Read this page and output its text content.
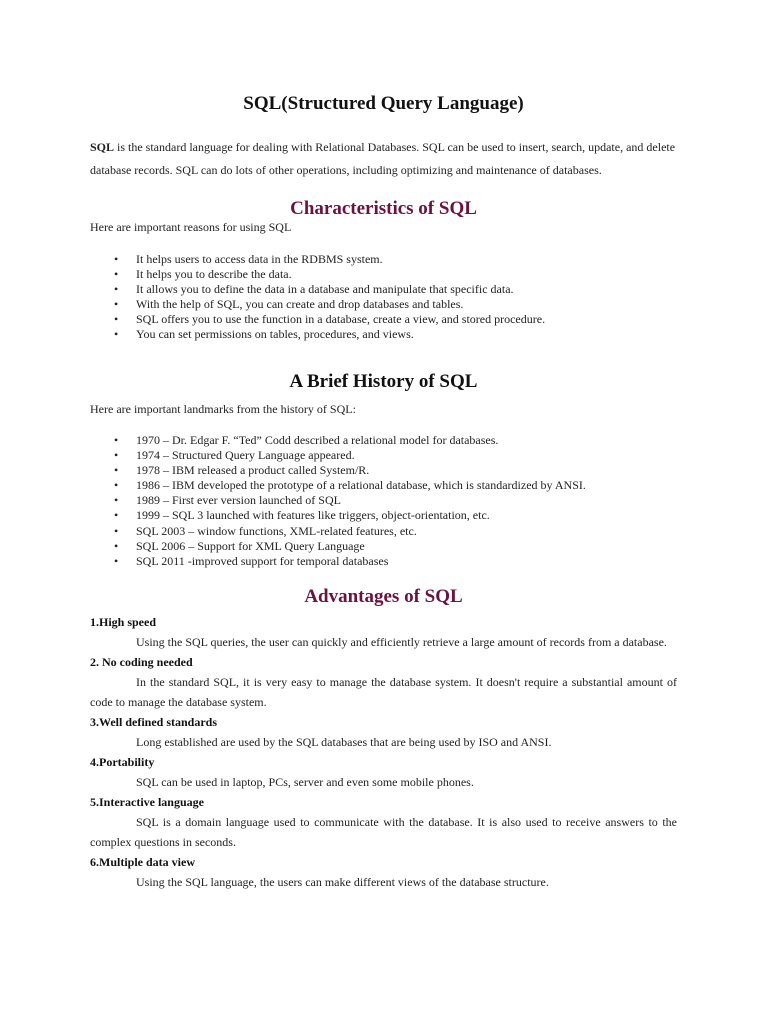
SQL(Structured Query Language)

SQL is the standard language for dealing with Relational Databases. SQL can be used to insert, search, update, and delete database records. SQL can do lots of other operations, including optimizing and maintenance of databases.

Characteristics of SQL

Here are important reasons for using SQL

• It helps users to access data in the RDBMS system.
• It helps you to describe the data.
• It allows you to define the data in a database and manipulate that specific data.
• With the help of SQL, you can create and drop databases and tables.
• SQL offers you to use the function in a database, create a view, and stored procedure.
• You can set permissions on tables, procedures, and views.
A Brief History of SQL

Here are important landmarks from the history of SQL:

• 1970 – Dr. Edgar F. “Ted” Codd described a relational model for databases.
• 1974 – Structured Query Language appeared.
• 1978 – IBM released a product called System/R.
• 1986 – IBM developed the prototype of a relational database, which is standardized by ANSI.
• 1989 – First ever version launched of SQL
• 1999 – SQL 3 launched with features like triggers, object-orientation, etc.
• SQL 2003 – window functions, XML-related features, etc.
• SQL 2006 – Support for XML Query Language
• SQL 2011 -improved support for temporal databases
Advantages of SQL

1.High speed

Using the SQL queries, the user can quickly and efficiently retrieve a large amount of records from a database.

2. No coding needed

In the standard SQL, it is very easy to manage the database system. It doesn't require a substantial amount of code to manage the database system.

3.Well defined standards

Long established are used by the SQL databases that are being used by ISO and ANSI.

4.Portability

SQL can be used in laptop, PCs, server and even some mobile phones.

5.Interactive language

SQL is a domain language used to communicate with the database. It is also used to receive answers to the complex questions in seconds.

6.Multiple data view

Using the SQL language, the users can make different views of the database structure.
